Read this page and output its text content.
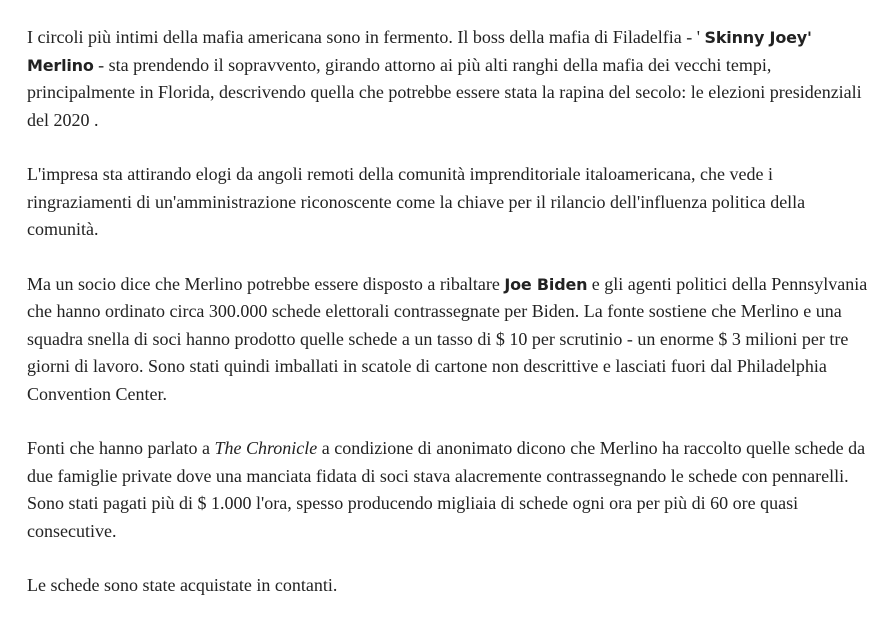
I circoli più intimi della mafia americana sono in fermento. Il boss della mafia di Filadelfia - ' Skinny Joey' Merlino - sta prendendo il sopravvento, girando attorno ai più alti ranghi della mafia dei vecchi tempi, principalmente in Florida, descrivendo quella che potrebbe essere stata la rapina del secolo: le elezioni presidenziali del 2020 .

L'impresa sta attirando elogi da angoli remoti della comunità imprenditoriale italoamericana, che vede i ringraziamenti di un'amministrazione riconoscente come la chiave per il rilancio dell'influenza politica della comunità.

Ma un socio dice che Merlino potrebbe essere disposto a ribaltare Joe Biden e gli agenti politici della Pennsylvania che hanno ordinato circa 300.000 schede elettorali contrassegnate per Biden. La fonte sostiene che Merlino e una squadra snella di soci hanno prodotto quelle schede a un tasso di $ 10 per scrutinio - un enorme $ 3 milioni per tre giorni di lavoro. Sono stati quindi imballati in scatole di cartone non descrittive e lasciati fuori dal Philadelphia Convention Center.

Fonti che hanno parlato a The Chronicle a condizione di anonimato dicono che Merlino ha raccolto quelle schede da due famiglie private dove una manciata fidata di soci stava alacremente contrassegnando le schede con pennarelli. Sono stati pagati più di $ 1.000 l'ora, spesso producendo migliaia di schede ogni ora per più di 60 ore quasi consecutive.

Le schede sono state acquistate in contanti.
